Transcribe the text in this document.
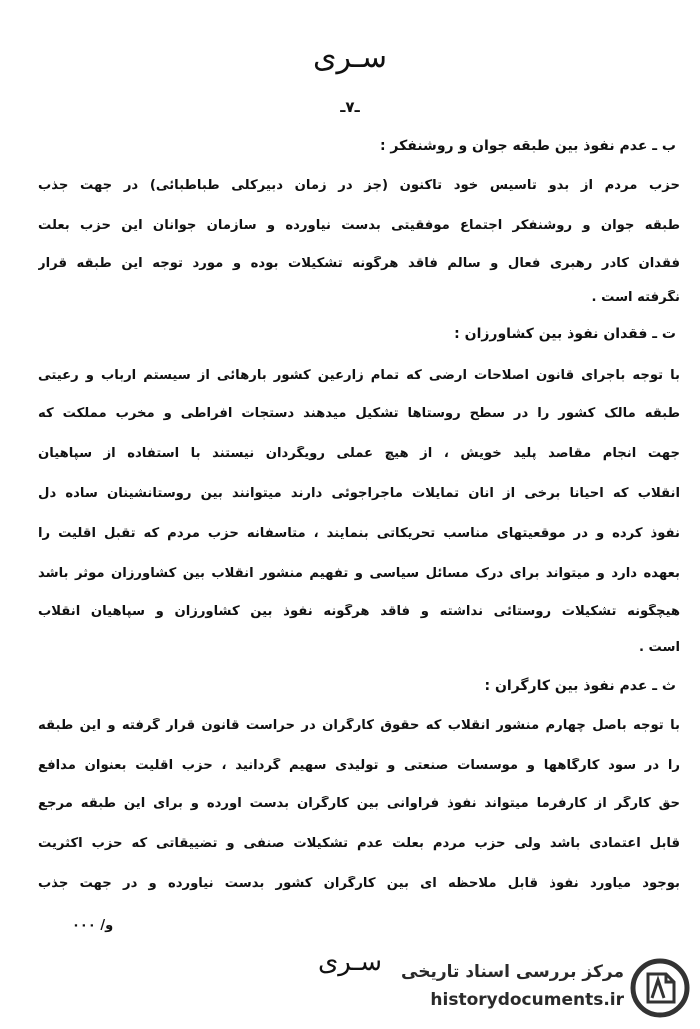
سـری
ـ۷ـ
ب ـ عدم نفوذ بین طبقه جوان و روشنفکر :
حزب مردم از بدو تاسیس خود تاکنون (جز در زمان دبیرکلی طباطبائی) در جهت جذب
طبقه جوان و روشنفکر اجتماع موفقیتی بدست نیاورده و سازمان جوانان این حزب بعلت
فقدان کادر رهبری فعال و سالم فاقد هرگونه تشکیلات بوده و مورد توجه این طبقه قرار
نگرفته است .
ت ـ فقدان نفوذ بین کشاورزان :
با توجه باجرای قانون اصلاحات ارضی که تمام زارعین کشور بارهائی از سیستم ارباب و رعیتی
طبقه مالک کشور را در سطح روستاها تشکیل میدهند دستجات افراطی و مخرب مملکت که
جهت انجام مقاصد پلید خویش ، از هیچ عملی رویگردان نیستند با استفاده از سپاهیان
انقلاب که احیانا برخی از آنان تمایلات ماجراجوئی دارند میتوانند بین روستانشینان ساده دل
نفوذ کرده و در موقعیتهای مناسب تحریکاتی بنمایند ، متاسفانه حزب مردم که تقبل اقلیت را
بعهده دارد و میتواند برای درک مسائل سیاسی و تفهیم منشور انقلاب بین کشاورزان موثر باشد
هیچگونه تشکیلات روستائی نداشته و فاقد هرگونه نفوذ بین کشاورزان و سپاهیان انقلاب
است .
ث ـ عدم نفوذ بین کارگران :
با توجه باصل چهارم منشور انقلاب که حقوق کارگران در حراست قانون قرار گرفته و این طبقه
را در سود کارگاهها و موسسات صنعتی و تولیدی سهیم گردانید ، حزب اقلیت بعنوان مدافع
حق کارگر از کارفرما میتواند نفوذ فراوانی بین کارگران بدست آورده و برای این طبقه مرجع
قابل اعتمادی باشد ولی حزب مردم بعلت عدم تشکیلات صنفی و تضییقاتی که حزب اکثریت
بوجود میآورد نفوذ قابل ملاحظه ای بین کارگران کشور بدست نیاورده و در جهت جذب
و/ ۰۰۰
سـری	مرکز بررسی اسناد تاریخی
historydocuments.ir
